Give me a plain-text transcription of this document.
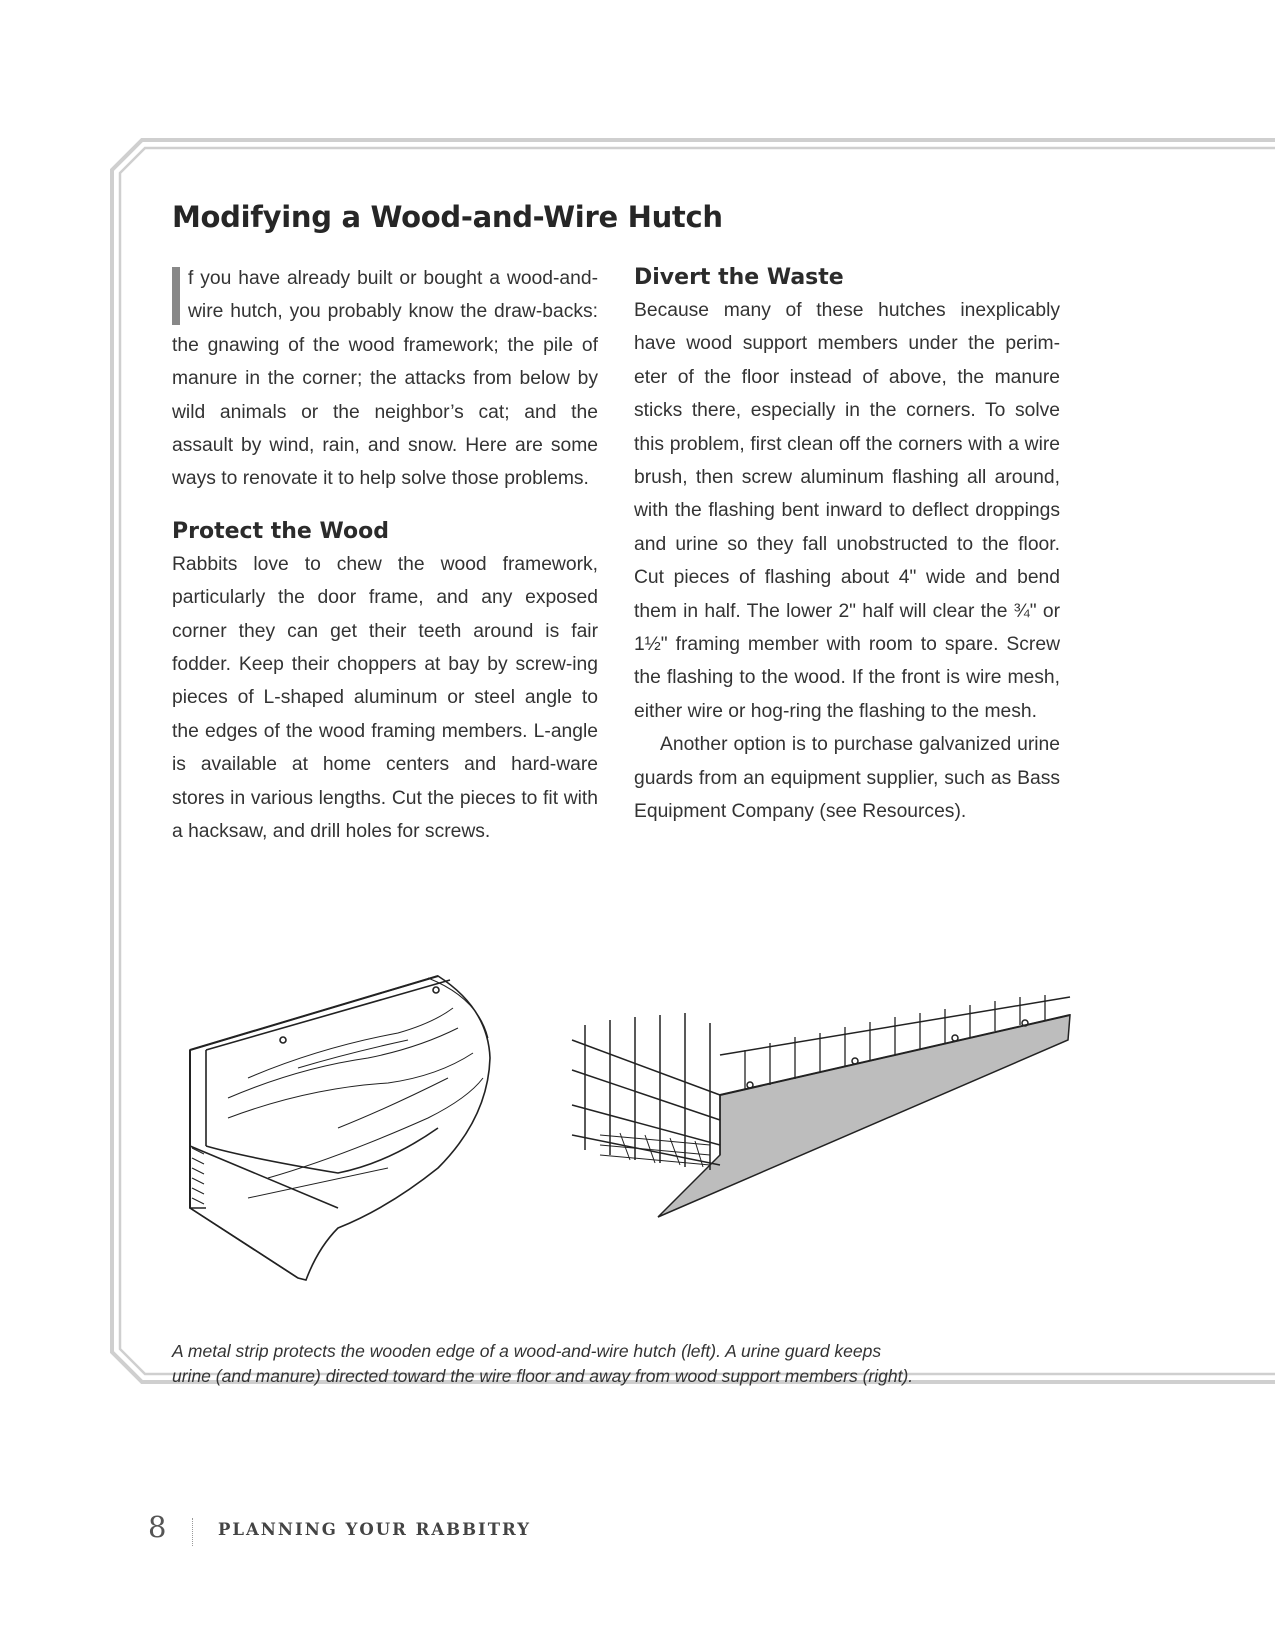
Modifying a Wood-and-Wire Hutch

f you have already built or bought a wood-and-wire hutch, you probably know the draw-backs: the gnawing of the wood framework; the pile of manure in the corner; the attacks from below by wild animals or the neighbor’s cat; and the assault by wind, rain, and snow. Here are some ways to renovate it to help solve those problems.

Protect the Wood

Rabbits love to chew the wood framework, particularly the door frame, and any exposed corner they can get their teeth around is fair fodder. Keep their choppers at bay by screw-ing pieces of L-shaped aluminum or steel angle to the edges of the wood framing members. L-angle is available at home centers and hard-ware stores in various lengths. Cut the pieces to fit with a hacksaw, and drill holes for screws.

Divert the Waste

Because many of these hutches inexplicably have wood support members under the perim-eter of the floor instead of above, the manure sticks there, especially in the corners. To solve this problem, first clean off the corners with a wire brush, then screw aluminum flashing all around, with the flashing bent inward to deflect droppings and urine so they fall unobstructed to the floor. Cut pieces of flashing about 4" wide and bend them in half. The lower 2" half will clear the ¾" or 1½" framing member with room to spare. Screw the flashing to the wood. If the front is wire mesh, either wire or hog-ring the flashing to the mesh.

Another option is to purchase galvanized urine guards from an equipment supplier, such as Bass Equipment Company (see Resources).

A metal strip protects the wooden edge of a wood-and-wire hutch (left). A urine guard keeps
urine (and manure) directed toward the wire floor and away from wood support members (right).

8	PLANNING YOUR RABBITRY
